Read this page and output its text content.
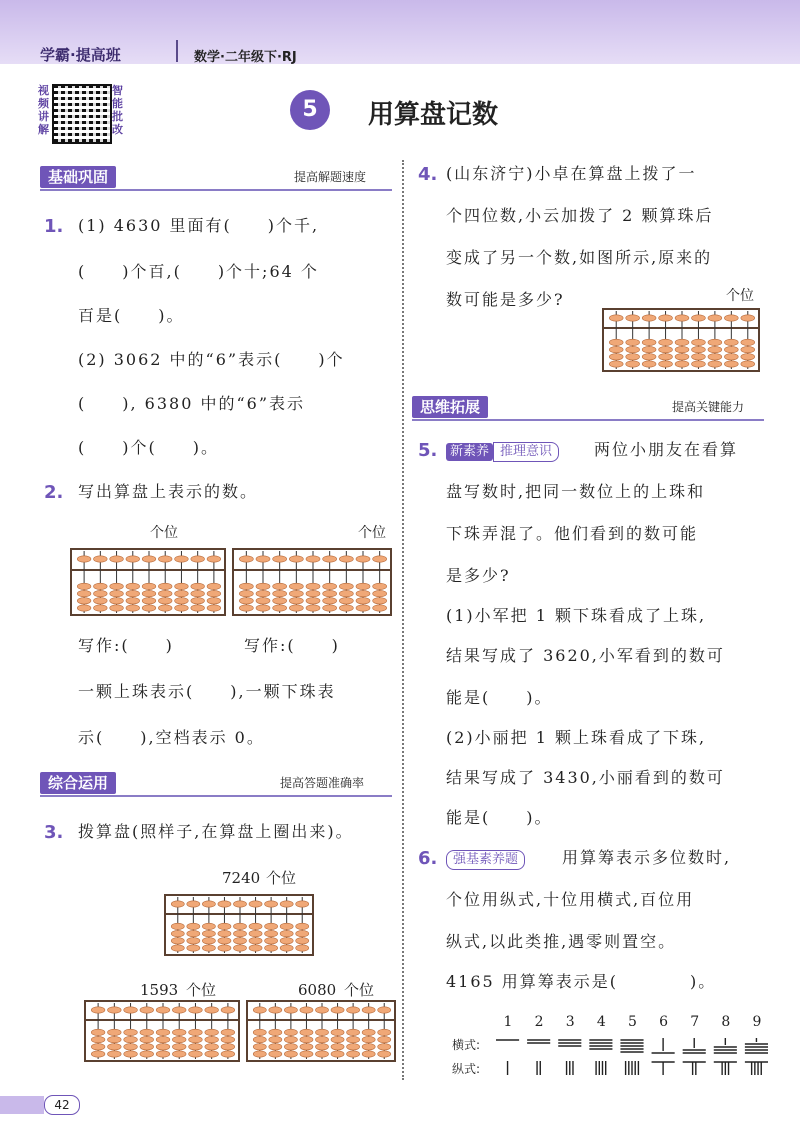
学霸·提高班	数学·二年级下·RJ
视频讲解
智能批改
5	用算盘记数
基础巩固	提高解题速度
1. (1) 4630 里面有(　　)个千,
(　　)个百,(　　)个十;64 个
百是(　　)。
(2) 3062 中的“6”表示(　　)个
(　　), 6380 中的“6”表示
(　　)个(　　)。
2. 写出算盘上表示的数。
个位	个位
写作:(　　)	写作:(　　)
一颗上珠表示(　　),一颗下珠表
示(　　),空档表示 0。
综合运用	提高答题准确率
3. 拨算盘(照样子,在算盘上圈出来)。
7240 个位
1593 个位	6080 个位
4. (山东济宁)小卓在算盘上拨了一
个四位数,小云加拨了 2 颗算珠后
变成了另一个数,如图所示,原来的
数可能是多少?	个位
思维拓展	提高关键能力
5. 新素养 推理意识	两位小朋友在看算
盘写数时,把同一数位上的上珠和
下珠弄混了。他们看到的数可能
是多少?
(1)小军把 1 颗下珠看成了上珠,
结果写成了 3620,小军看到的数可
能是(　　)。
(2)小丽把 1 颗上珠看成了下珠,
结果写成了 3430,小丽看到的数可
能是(　　)。
6.	强基素养题	用算筹表示多位数时,
个位用纵式,十位用横式,百位用
纵式,以此类推,遇零则置空。
4165 用算筹表示是(　　　　)。
1 2 3 4 5 6 7 8 9
横式:
纵式:
42
